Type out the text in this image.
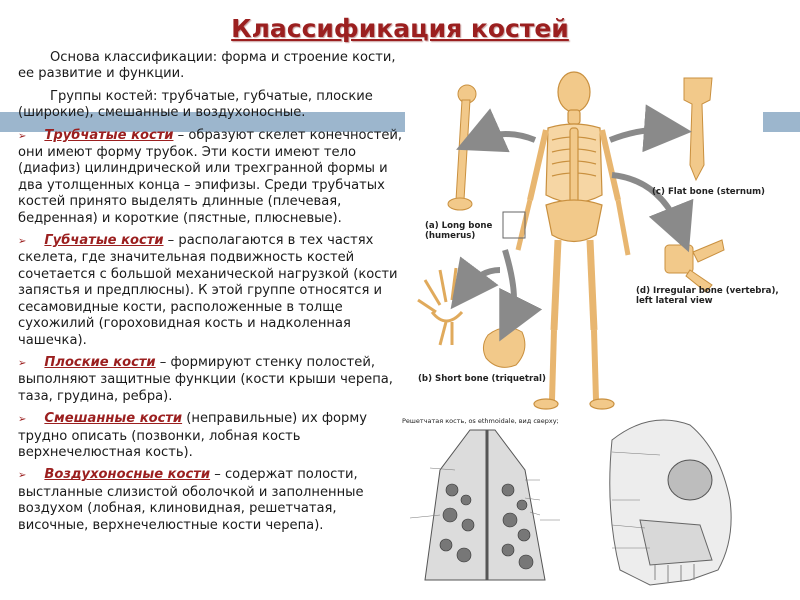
Классификация костей

Основа классификации: форма и строение кости, ее развитие и функции.

Группы костей: трубчатые, губчатые, плоские (широкие), смешанные и воздухоносные.

➢ Трубчатые кости – образуют скелет конечностей, они имеют форму трубок. Эти кости имеют тело (диафиз) цилиндрической или трехгранной формы и два утолщенных конца – эпифизы. Среди трубчатых костей принято выделять длинные (плечевая, бедренная) и короткие (пястные, плюсневые).

➢ Губчатые кости – располагаются в тех частях скелета, где значительная подвижность костей сочетается с большой механической нагрузкой (кости запястья и предплюсны). К этой группе относятся и сесамовидные кости, расположенные в толще сухожилий (гороховидная кость и надколенная чашечка).

➢ Плоские кости – формируют стенку полостей, выполняют защитные функции (кости крыши черепа, таза, грудина, ребра).

➢ Смешанные кости (неправильные) их форму трудно описать (позвонки, лобная кость верхнечелюстная кость).

➢ Воздухоносные кости – содержат полости, выстланные слизистой оболочкой и заполненные воздухом (лобная, клиновидная, решетчатая, височные, верхнечелюстные кости черепа).

(a) Long bone
(humerus)
(c) Flat bone (sternum)
(d) Irregular bone (vertebra),
left lateral view
(b) Short bone (triquetral)
Решетчатая кость, os ethmoidale, вид сверху;
